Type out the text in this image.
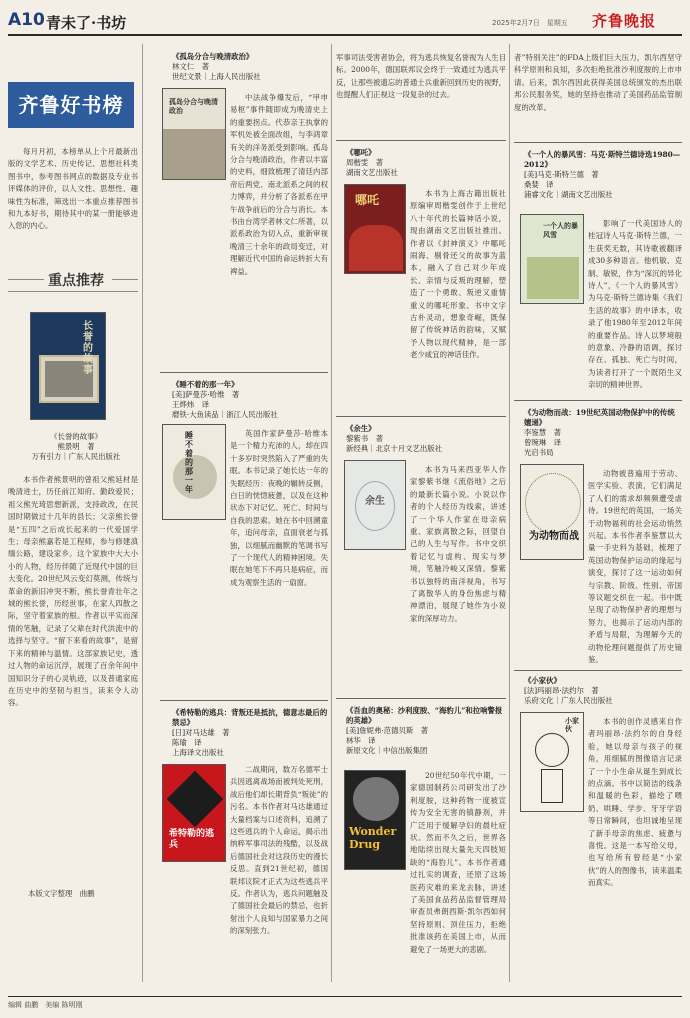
A10 青未了·书坊	2025年2月7日　星期五 齐鲁晚报
齐鲁好书榜
每月月初，本榜单从上个月最新出版的文学艺术、历史传记、思想社科类图书中，参考图书网点的数据及专业书评媒体的评价，以人文性、思想性、趣味性为标准，筛选出一本重点推荐图书和九本好书，期待其中的某一册能够进入您的内心。
重点推荐
长誉的故事
《长誉的故事》
熊景明　著
万有引力｜广东人民出版社
本书作者熊景明的曾祖父熊延材是晚清进士，历任前江知府、勤政爱民；祖父熊光琦思想新派，支持政改，在民国时期做过十几年的县长；父亲熊长誉是“五四”之后成长起来的一代爱国学生；母亲熊嘉若是工程师，参与修建滇缅公路，建设家乡。这个家族中大大小小的人物，经历伴随了近现代中国的巨大变化。20世纪风云变幻莫测，传统与革命的新旧冲突不断，熊长誉青壮年之城的熊长誉，历经世事，在家人四散之际，坚守着家族的根。作者以平实而深情的笔触，记录了父辈在时代洪流中的选择与坚守。“留下来看的故事”，是留下来的精神与温情。这部家族记史，透过人物的命运沉浮，展现了百余年间中国知识分子的心灵轨迹，以及普通家庭在历史中的坚韧与担当，读来令人动容。
本版文字整理　曲鹏
《孤岛分合与晚清政治》
林文仁　著
世纪文景｜上海人民出版社
孤岛分合与晚清政治
中法战争爆发后，“甲申易枢”事件随即成为晚清史上的重要拐点。代恭亲王执掌的军机处被全面改组，与李鸿章有关的洋务派受到影响。孤岛分合与晚清政治，作者以丰富的史料，细致梳理了清廷内部帝后两党、南北派系之间的权力博弈，并分析了各派系在甲午战争前后的分合与消长。本书由台湾学者林文仁所著，以派系政治为切入点，重新审视晚清三十余年的政局变迁，对理解近代中国的命运转折大有裨益。
《睡不着的那一年》
[美]萨曼莎·哈维　著
王烨炜　译
磨铁·大鱼读品｜浙江人民出版社
睡不着的那一年
英国作家萨曼莎·哈维本是一个精力充沛的人，却在四十多岁时突然陷入了严重的失眠。本书记录了她长达一年的失眠经历：夜晚的辗转反侧，白日的恍惚疲惫，以及在这种状态下对记忆、死亡、时间与自我的思索。她在书中回溯童年，追问母亲，直面衰老与孤独，以细腻而幽默的笔调书写了一个现代人的精神困境。失眠在她笔下不再只是病症，而成为观察生活的一扇窗。
《希特勒的逃兵：背叛还是抵抗，德意志最后的禁忌》
[日]对马达雄　著
陈瑜　译
上海译文出版社
希特勒的逃兵
二战期间，数万名德军士兵因逃离战场而被判处死刑，战后他们却长期背负“叛徒”的污名。本书作者对马达雄通过大量档案与口述资料，追溯了这些逃兵的个人命运，揭示出纳粹军事司法的残酷，以及战后德国社会对这段历史的漫长反思。直到21世纪初，德国联邦议院才正式为这些逃兵平反。作者认为，逃兵问题触及了德国社会最后的禁忌，也折射出个人良知与国家暴力之间的深刻张力。
军事司法受害者协会，将为逃兵恢复名誉视为人生目标。2000年，德国联邦议会终于一致通过为逃兵平反，让那些被遗忘的普通士兵重新回到历史的视野，也提醒人们正视这一段复杂的过去。
《哪吒》
周楷雯　著
湖南文艺出版社
哪吒	本书为上海古籍出版社原编审周楷雯创作于上世纪八十年代的长篇神话小说，现由湖南文艺出版社推出。作者以《封神演义》中哪吒闹海、剔骨还父的故事为蓝本，融入了自己对少年成长、亲情与反叛的理解，塑造了一个勇敢、叛逆又重情重义的哪吒形象。书中文字古朴灵动，想象奇崛，既保留了传统神话的韵味，又赋予人物以现代精神，是一部老少咸宜的神话佳作。
《余生》
黎紫书　著
新经典｜北京十月文艺出版社
余生
本书为马来西亚华人作家黎紫书继《流俗地》之后的最新长篇小说。小说以作者的个人经历为线索，讲述了一个华人作家在母亲病重、家族离散之际，回望自己的人生与写作。书中交织着记忆与虚构、现实与梦境，笔触冷峻又深情。黎紫书以独特的南洋视角，书写了离散华人的身份焦虑与精神漂泊，展现了她作为小说家的深厚功力。
《吾血的奥秘：沙利度胺、“海豹儿”和拉响警报的英雄》
[美]詹妮弗·范德贝斯　著
林华　译
新原文化｜中信出版集团
Wonder Drug
20世纪50年代中期，一家德国制药公司研发出了沙利度胺，这种药物一度被宣传为安全无害的镇静剂，并广泛用于缓解孕妇的晨吐症状。然而不久之后，世界各地陆续出现大量先天四肢短缺的“海豹儿”。本书作者通过扎实的调查，还原了这场医药灾难的来龙去脉，讲述了美国食品药品监督管理局审查员弗朗西斯·凯尔西如何坚持原则、顶住压力，拒绝批准该药在美国上市，从而避免了一场更大的悲剧。
者”特别关注”的FDA上级们巨大压力，凯尔西坚守科学原则和良知，多次拒绝批准沙利度胺的上市申请。后来，凯尔西因此获得美国总统颁发的杰出联邦公民服务奖，她的坚持也推动了美国药品监管制度的改革。
《一个人的暴风雪：马克·斯特兰德诗选1980—2012》
[美]马克·斯特兰德　著
桑婪　译
浦睿文化｜湖南文艺出版社
一个人的暴风雪
影响了一代美国诗人的桂冠诗人马克·斯特兰德，一生获奖无数，其诗歌被翻译成30多种语言。他机敏、克制、敏锐，作为“深沉的异化诗人”，《一个人的暴风雪》为马克·斯特兰德诗集《我们生活的故事》的中译本，收录了他1980年至2012年间的重要作品。诗人以梦境般的意象、冷静的语调，探讨存在、孤独、死亡与时间，为读者打开了一个既陌生又亲切的精神世界。
《为动物而战：19世纪英国动物保护中的传统嬗递》
李鉴慧　著
曾琬琳　译
光启书局
为动物而战
动物被普遍用于劳动、医学实验、表演，它们满足了人们的需求却频频遭受虐待。19世纪的英国，一场关于动物福利的社会运动悄然兴起。本书作者李鉴慧以大量一手史料为基础，梳理了英国动物保护运动的缘起与演变，探讨了这一运动如何与宗教、阶级、性别、帝国等议题交织在一起。书中既呈现了动物保护者的理想与努力，也揭示了运动内部的矛盾与局限，为理解今天的动物伦理问题提供了历史镜鉴。
《小家伙》
[法]玛丽昂·法约尔　著
乐府文化｜广东人民出版社
小家伙
本书的创作灵感来自作者玛丽昂·法约尔的自身经验，她以母亲与孩子的视角，用细腻的图像语言记录了一个小生命从诞生到成长的点滴。书中以简洁的线条和温暖的色彩，描绘了喂奶、哄睡、学步、牙牙学语等日常瞬间，也坦诚地呈现了新手母亲的焦虑、疲惫与喜悦。这是一本写给父母，也写给所有曾经是“小家伙”的人的图像书，读来温柔而真实。
编辑 曲鹏　美编 陈明刚
